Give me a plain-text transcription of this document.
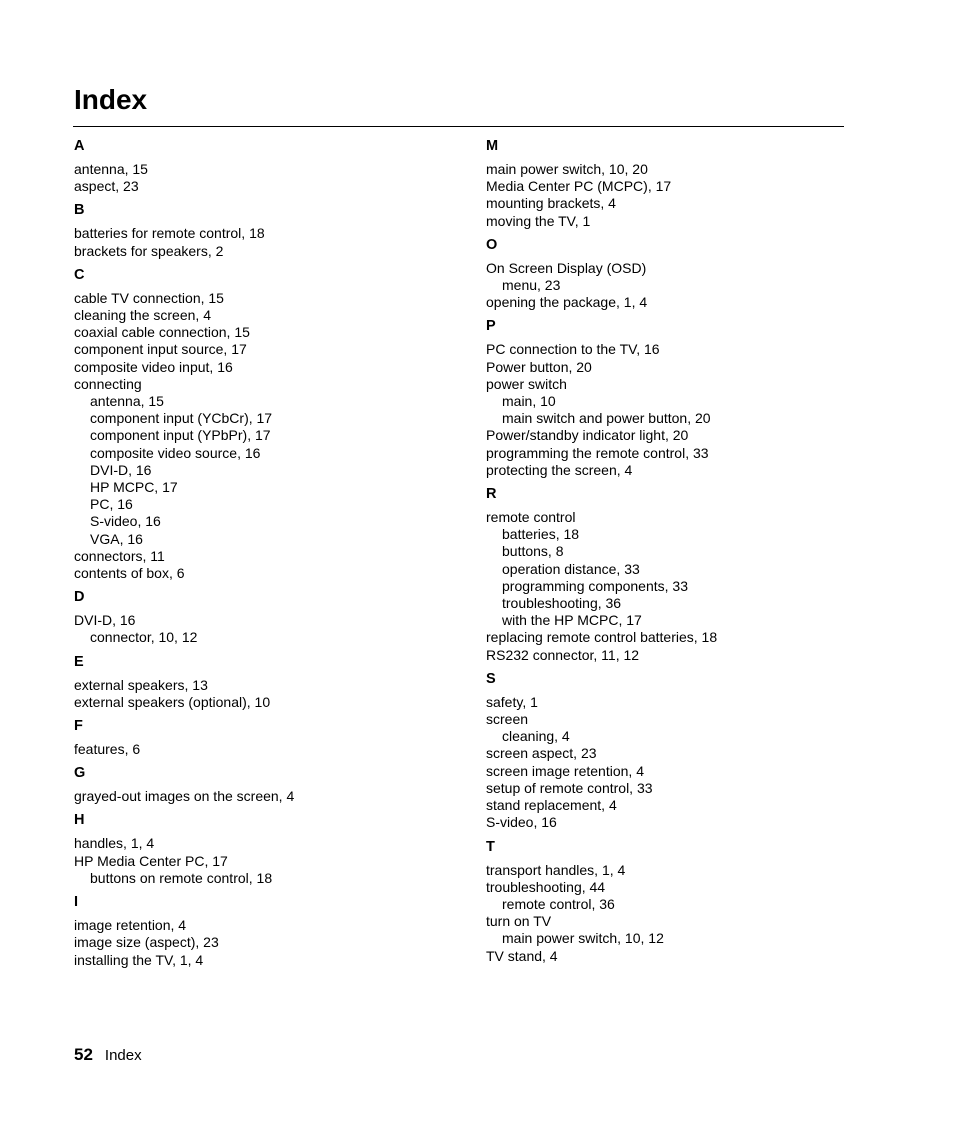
Index
A
antenna, 15
aspect, 23
B
batteries for remote control, 18
brackets for speakers, 2
C
cable TV connection, 15
cleaning the screen, 4
coaxial cable connection, 15
component input source, 17
composite video input, 16
connecting
antenna, 15
component input (YCbCr), 17
component input (YPbPr), 17
composite video source, 16
DVI-D, 16
HP MCPC, 17
PC, 16
S-video, 16
VGA, 16
connectors, 11
contents of box, 6
D
DVI-D, 16
connector, 10, 12
E
external speakers, 13
external speakers (optional), 10
F
features, 6
G
grayed-out images on the screen, 4
H
handles, 1, 4
HP Media Center PC, 17
buttons on remote control, 18
I
image retention, 4
image size (aspect), 23
installing the TV, 1, 4
M
main power switch, 10, 20
Media Center PC (MCPC), 17
mounting brackets, 4
moving the TV, 1
O
On Screen Display (OSD)
menu, 23
opening the package, 1, 4
P
PC connection to the TV, 16
Power button, 20
power switch
main, 10
main switch and power button, 20
Power/standby indicator light, 20
programming the remote control, 33
protecting the screen, 4
R
remote control
batteries, 18
buttons, 8
operation distance, 33
programming components, 33
troubleshooting, 36
with the HP MCPC, 17
replacing remote control batteries, 18
RS232 connector, 11, 12
S
safety, 1
screen
cleaning, 4
screen aspect, 23
screen image retention, 4
setup of remote control, 33
stand replacement, 4
S-video, 16
T
transport handles, 1, 4
troubleshooting, 44
remote control, 36
turn on TV
main power switch, 10, 12
TV stand, 4
52 Index
